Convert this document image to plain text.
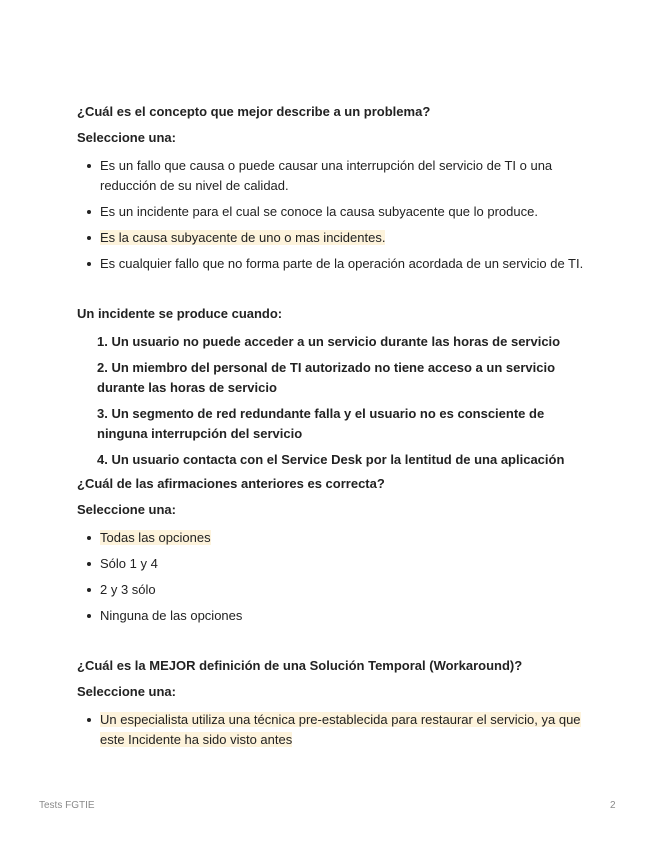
¿Cuál es el concepto que mejor describe a un problema?
Seleccione una:
Es un fallo que causa o puede causar una interrupción del servicio de TI o una reducción de su nivel de calidad.
Es un incidente para el cual se conoce la causa subyacente que lo produce.
Es la causa subyacente de uno o mas incidentes.
Es cualquier fallo que no forma parte de la operación acordada de un servicio de TI.
Un incidente se produce cuando:
1. Un usuario no puede acceder a un servicio durante las horas de servicio
2. Un miembro del personal de TI autorizado no tiene acceso a un servicio durante las horas de servicio
3. Un segmento de red redundante falla y el usuario no es consciente de ninguna interrupción del servicio
4. Un usuario contacta con el Service Desk por la lentitud de una aplicación
¿Cuál de las afirmaciones anteriores es correcta?
Seleccione una:
Todas las opciones
Sólo 1 y 4
2 y 3 sólo
Ninguna de las opciones
¿Cuál es la MEJOR definición de una Solución Temporal (Workaround)?
Seleccione una:
Un especialista utiliza una técnica pre-establecida para restaurar el servicio, ya que este Incidente ha sido visto antes
Tests FGTIE	2
